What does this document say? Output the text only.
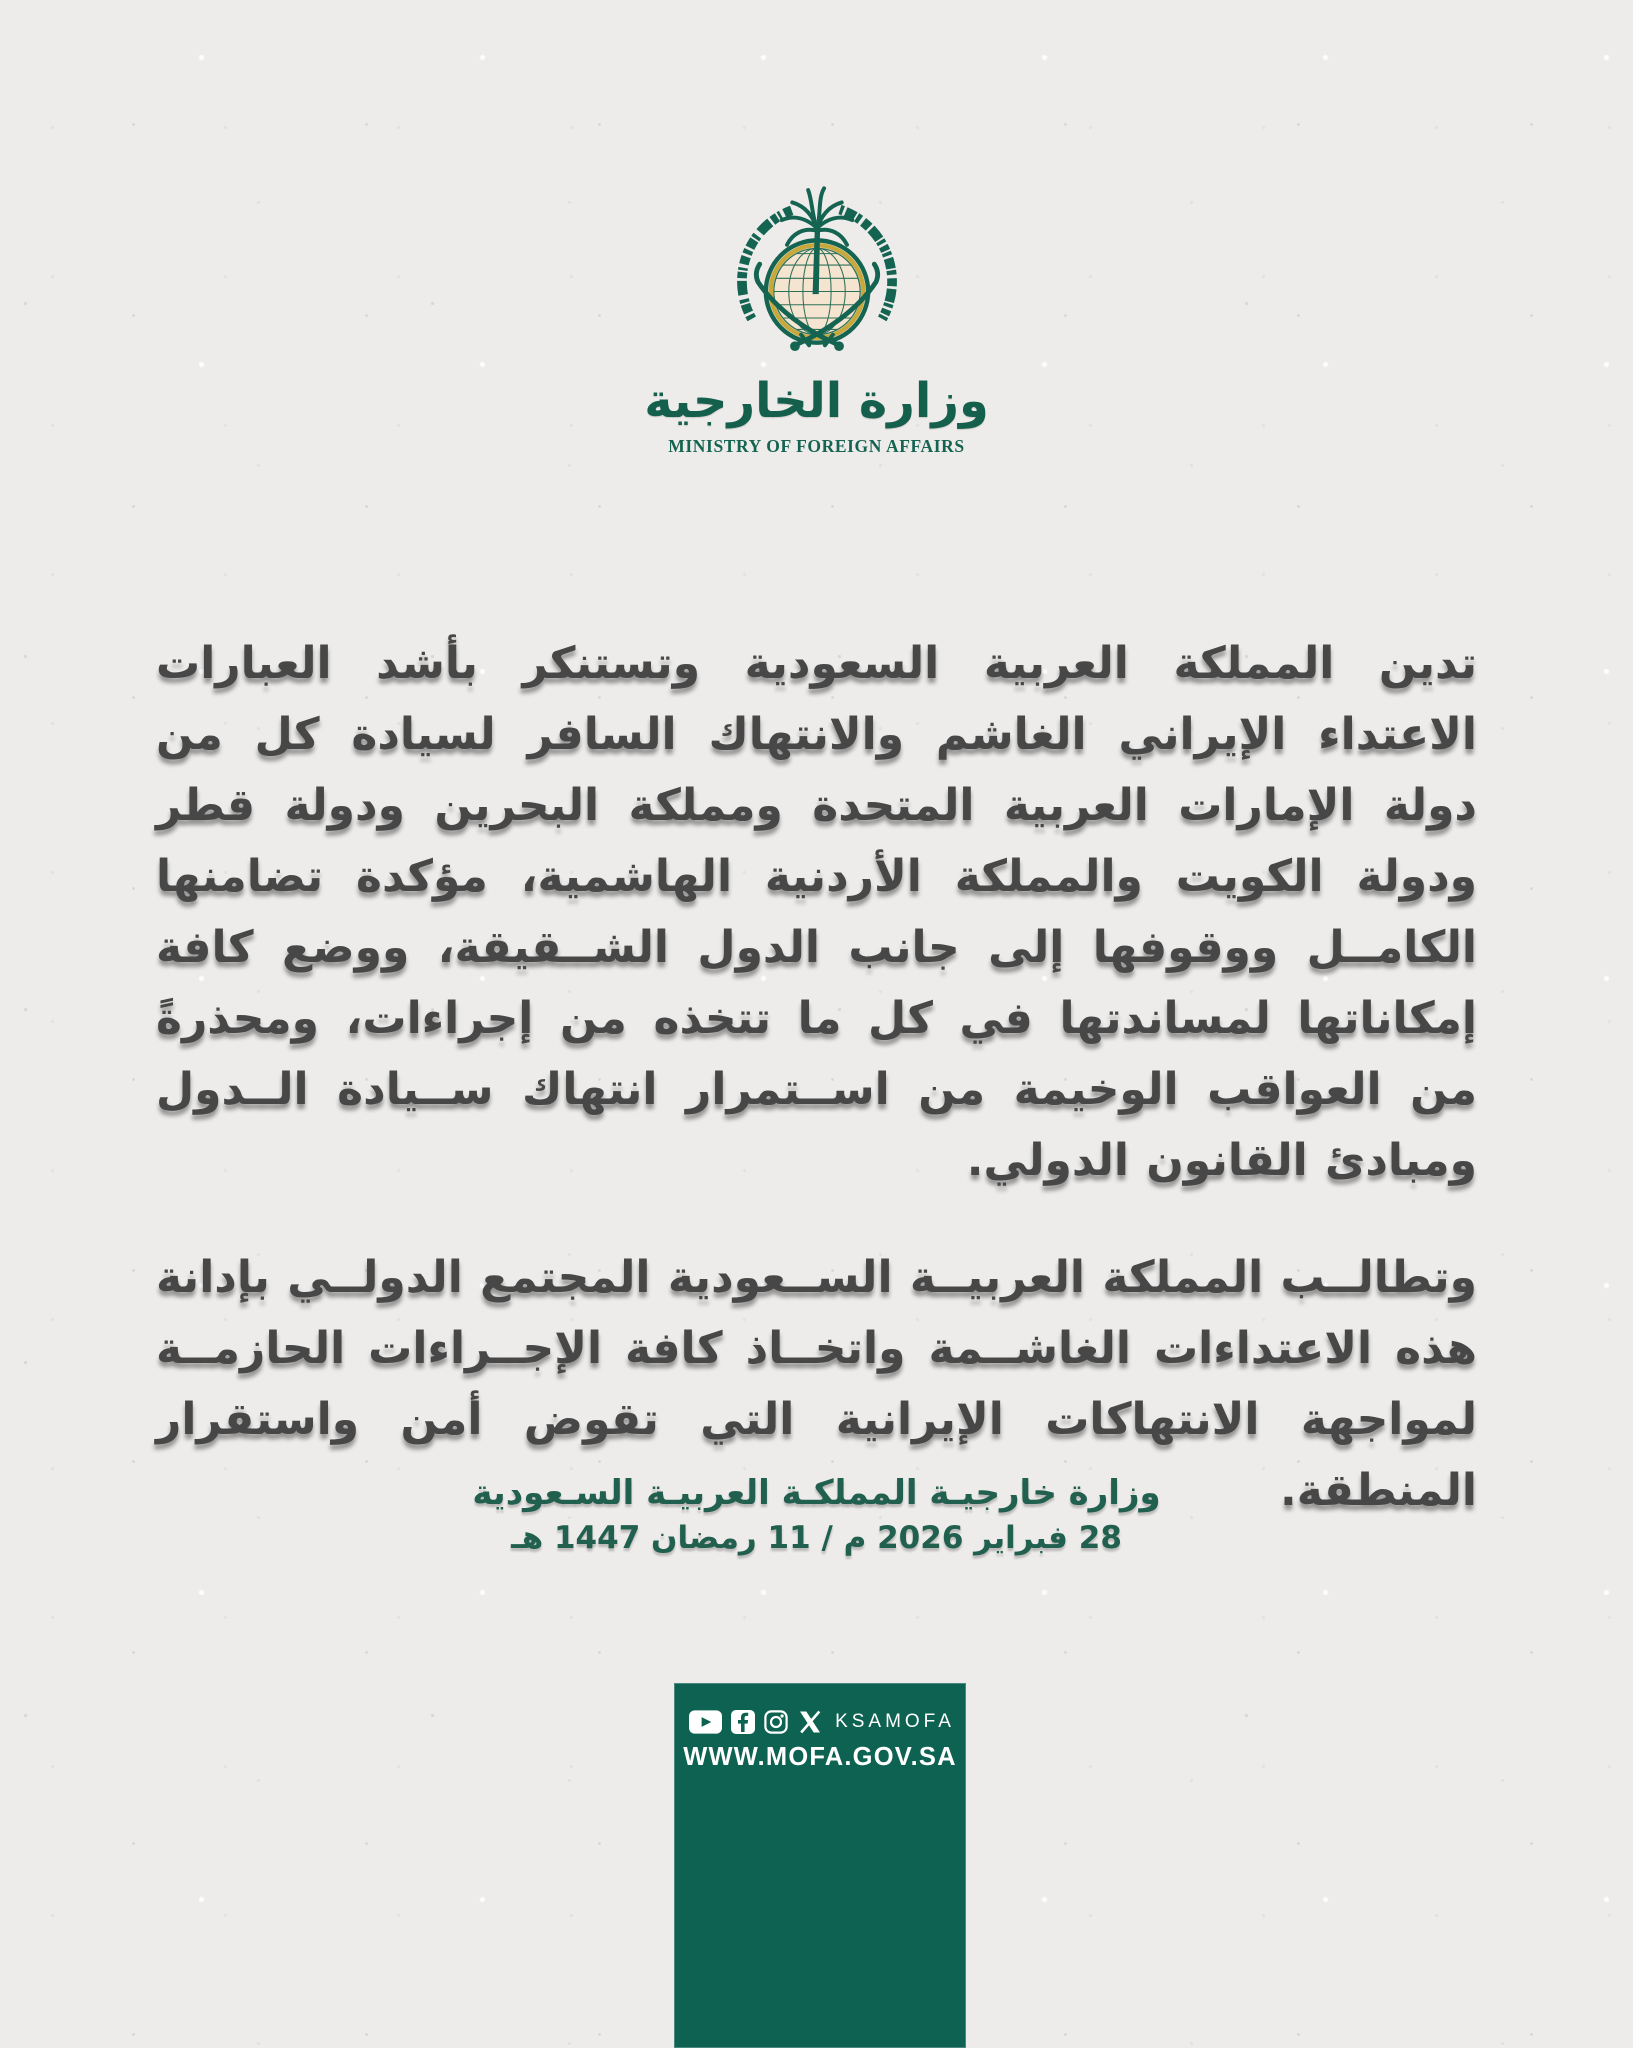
وزارة الخارجية
MINISTRY OF FOREIGN AFFAIRS

تدين المملكة العربية السعودية وتستنكر بأشد العبارات الاعتداء الإيراني الغاشم والانتهاك السافر لسيادة كل من دولة الإمارات العربية المتحدة ومملكة البحرين ودولة قطر ودولة الكويت والمملكة الأردنية الهاشمية، مؤكدة تضامنها الكامــل ووقوفها إلى جانب الدول الشــقيقة، ووضع كافة إمكاناتها لمساندتها في كل ما تتخذه من إجراءات، ومحذرةً من العواقب الوخيمة من اســتمرار انتهاك ســيادة الــدول ومبادئ القانون الدولي.

وتطالــب المملكة العربيــة الســعودية المجتمع الدولــي بإدانة هذه الاعتداءات الغاشــمة واتخــاذ كافة الإجــراءات الحازمــة لمواجهة الانتهاكات الإيرانية التي تقوض أمن واستقرار المنطقة.

وزارة خارجيـة المملكـة العربيـة السـعودية
28 فبراير 2026 م / 11 رمضان 1447 هـ
KSAMOFA
WWW.MOFA.GOV.SA
